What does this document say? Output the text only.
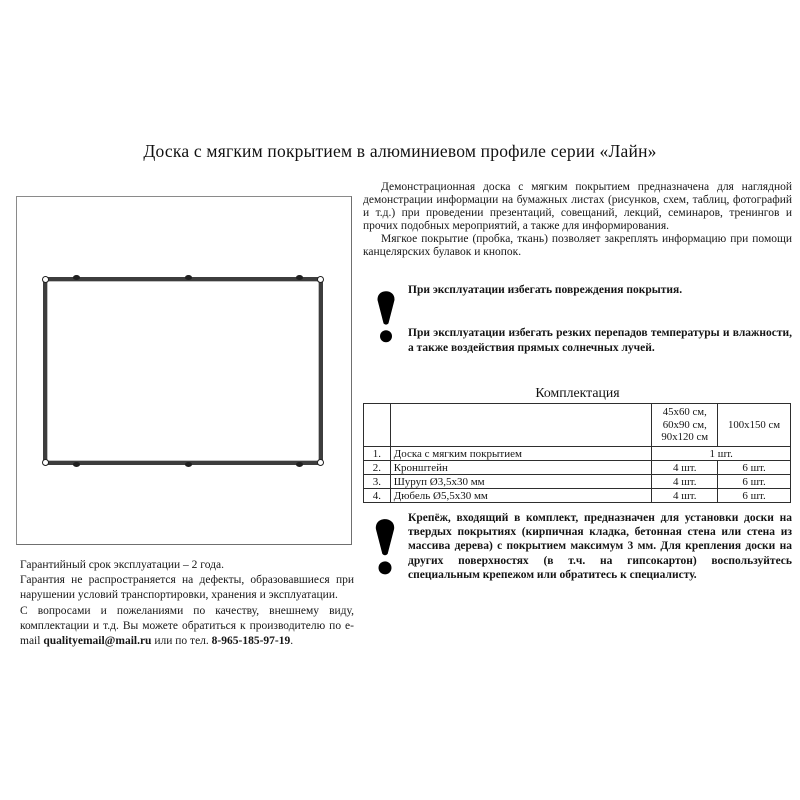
Доска с мягким покрытием в алюминиевом профиле серии «Лайн»

Демонстрационная доска с мягким покрытием предназначена для наглядной демонстрации информации на бумажных листах (рисунков, схем, таблиц, фотографий и т.д.) при проведении презентаций, совещаний, лекций, семинаров, тренингов и прочих подобных мероприятий, а также для информирования.

Мягкое покрытие (пробка, ткань) позволяет закреплять информацию при помощи канцелярских булавок и кнопок.

При эксплуатации избегать повреждения покрытия.
При эксплуатации избегать резких перепадов температуры и влажности, а также воздействия прямых солнечных лучей.
Комплектация
		45х60 см, 60х90 см, 90х120 см	100х150 см
1.	Доска с мягким покрытием	1 шт.	
2.	Кронштейн	4 шт.	6 шт.
3.	Шуруп Ø3,5х30 мм	4 шт.	6 шт.
4.	Дюбель Ø5,5х30 мм	4 шт.	6 шт.
Крепёж, входящий в комплект, предназначен для установки доски на твердых покрытиях (кирпичная кладка, бетонная стена или стена из массива дерева) с покрытием максимум 3 мм. Для крепления доски на других поверхностях (в т.ч. на гипсокартон) воспользуйтесь специальным крепежом или обратитесь к специалисту.

Гарантийный срок эксплуатации – 2 года.

Гарантия не распространяется на дефекты, образовавшиеся при нарушении условий транспортировки, хранения и эксплуатации.

С вопросами и пожеланиями по качеству, внешнему виду, комплектации и т.д. Вы можете обратиться к производителю по e-mail qualityemail@mail.ru или по тел. 8-965-185-97-19.
